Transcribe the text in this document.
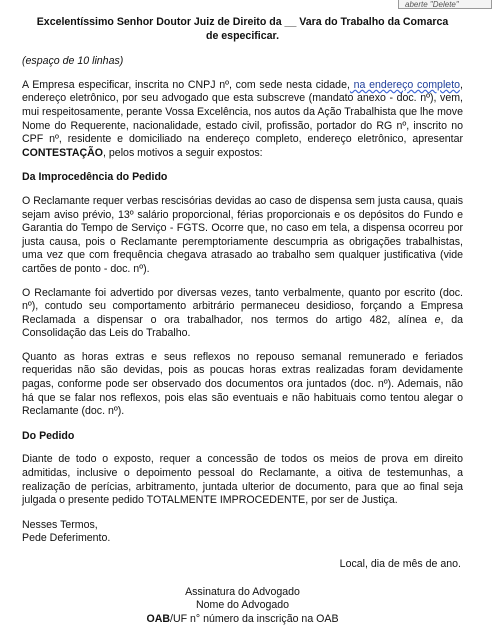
aberte "Delete"
Excelentíssimo Senhor Doutor Juiz de Direito da __ Vara do Trabalho da Comarca
de especificar.

(espaço de 10 linhas)

A Empresa especificar, inscrita no CNPJ nº, com sede nesta cidade, na endereço completo, endereço eletrônico, por seu advogado que esta subscreve (mandato anexo - doc. nº), vem, mui respeitosamente, perante Vossa Excelência, nos autos da Ação Trabalhista que lhe move Nome do Requerente, nacionalidade, estado civil, profissão, portador do RG nº, inscrito no CPF nº, residente e domiciliado na endereço completo, endereço eletrônico, apresentar CONTESTAÇÃO, pelos motivos a seguir expostos:

Da Improcedência do Pedido

O Reclamante requer verbas rescisórias devidas ao caso de dispensa sem justa causa, quais sejam aviso prévio, 13º salário proporcional, férias proporcionais e os depósitos do Fundo e Garantia do Tempo de Serviço - FGTS. Ocorre que, no caso em tela, a dispensa ocorreu por justa causa, pois o Reclamante peremptoriamente descumpria as obrigações trabalhistas, uma vez que com frequência chegava atrasado ao trabalho sem qualquer justificativa (vide cartões de ponto - doc. nº).

O Reclamante foi advertido por diversas vezes, tanto verbalmente, quanto por escrito (doc. nº), contudo seu comportamento arbitrário permaneceu desidioso, forçando a Empresa Reclamada a dispensar o ora trabalhador, nos termos do artigo 482, alínea e, da Consolidação das Leis do Trabalho.

Quanto as horas extras e seus reflexos no repouso semanal remunerado e feriados requeridas não são devidas, pois as poucas horas extras realizadas foram devidamente pagas, conforme pode ser observado dos documentos ora juntados (doc. nº). Ademais, não há que se falar nos reflexos, pois elas são eventuais e não habituais como tentou alegar o Reclamante (doc. nº).

Do Pedido

Diante de todo o exposto, requer a concessão de todos os meios de prova em direito admitidas, inclusive o depoimento pessoal do Reclamante, a oitiva de testemunhas, a realização de perícias, arbitramento, juntada ulterior de documento, para que ao final seja julgada o presente pedido TOTALMENTE IMPROCEDENTE, por ser de Justiça.

Nesses Termos,
Pede Deferimento.

Local, dia de mês de ano.

Assinatura do Advogado
Nome do Advogado
OAB/UF n° número da inscrição na OAB
